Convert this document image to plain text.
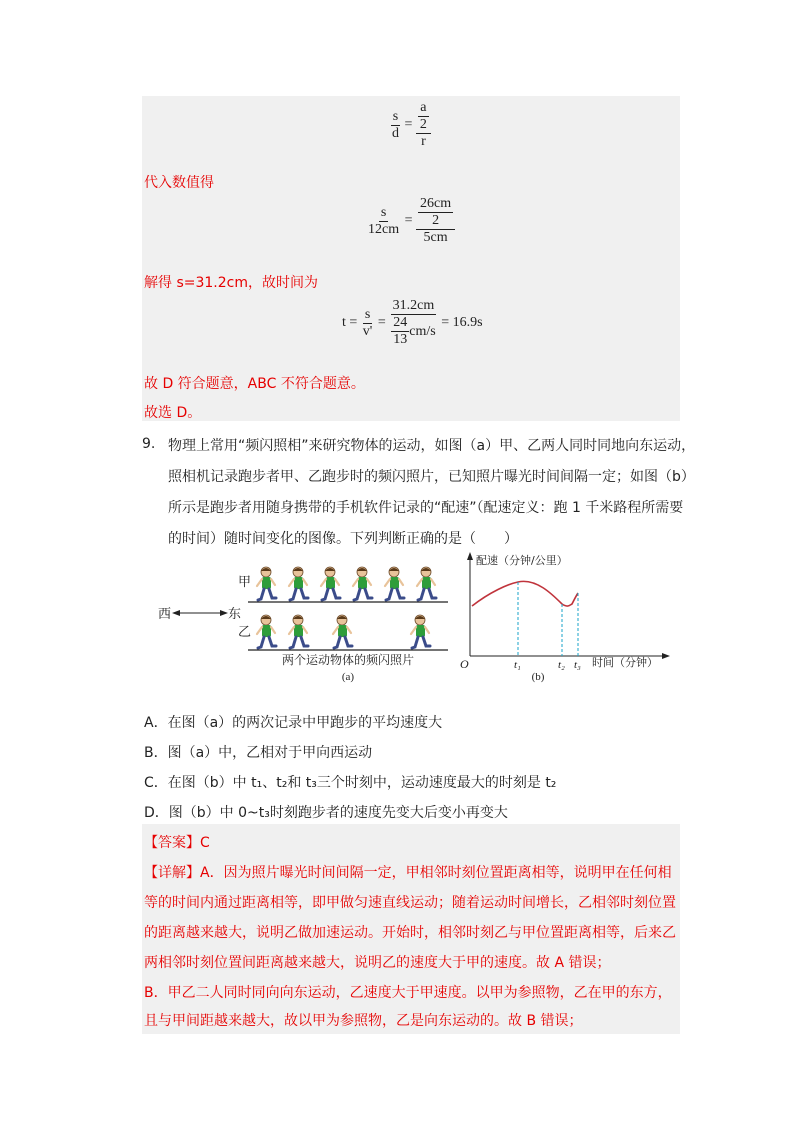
$\frac{s}{d} = \frac{\frac{a}{2}}{r}$
代入数值得
$\frac{s}{12cm} = \frac{\frac{26cm}{2}}{5cm}$
解得 s=31.2cm，故时间为
$t = \frac{s}{v'} = \frac{31.2cm}{\frac{24}{13} cm/s} = 16.9s$
故 D 符合题意，ABC 不符合题意。
故选 D。
9. 物理上常用“频闪照相”来研究物体的运动，如图（a）甲、乙两人同时同地向东运动，
照相机记录跑步者甲、乙跑步时的频闪照片，已知照片曝光时间间隔一定；如图（b）
所示是跑步者用随身携带的手机软件记录的“配速”（配速定义：跑 1 千米路程所需要
的时间）随时间变化的图像。下列判断正确的是（　　）
甲
西	东
乙
两个运动物体的频闪照片
(a)
配速（分钟/公里）
O	t₁	t₂ t₃ 时间（分钟）
(b)
A．在图（a）的两次记录中甲跑步的平均速度大
B．图（a）中，乙相对于甲向西运动
C．在图（b）中 t₁、t₂和 t₃三个时刻中，运动速度最大的时刻是 t₂
D．图（b）中 0~t₃时刻跑步者的速度先变大后变小再变大
【答案】C
【详解】A．因为照片曝光时间间隔一定，甲相邻时刻位置距离相等，说明甲在任何相
等的时间内通过距离相等，即甲做匀速直线运动；随着运动时间增长，乙相邻时刻位置
的距离越来越大，说明乙做加速运动。开始时，相邻时刻乙与甲位置距离相等，后来乙
两相邻时刻位置间距离越来越大，说明乙的速度大于甲的速度。故 A 错误；
B．甲乙二人同时同向向东运动，乙速度大于甲速度。以甲为参照物，乙在甲的东方，
且与甲间距越来越大，故以甲为参照物，乙是向东运动的。故 B 错误；
